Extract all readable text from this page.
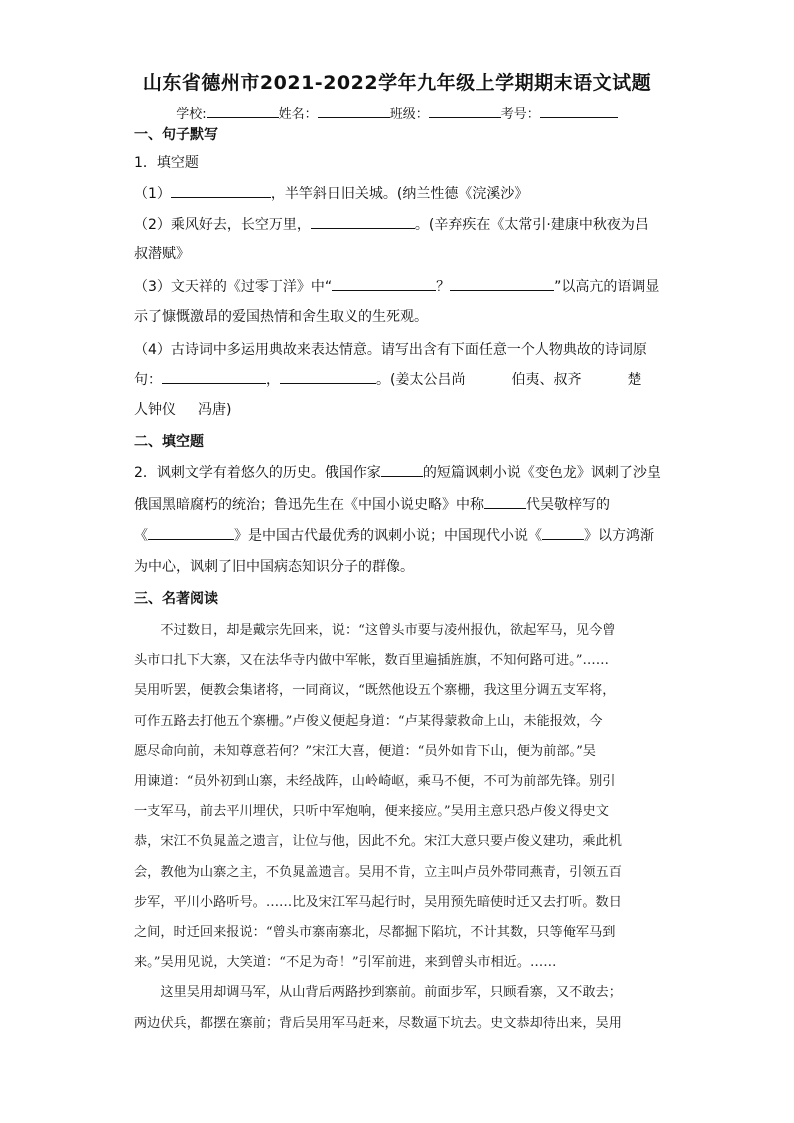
山东省德州市2021-2022学年九年级上学期期末语文试题
学校:	姓名：	班级：	考号：
一、句子默写
1．填空题
（1）	，半竿斜日旧关城。(纳兰性德《浣溪沙》
（2）乘风好去，长空万里，	。(辛弃疾在《太常引·建康中秋夜为吕
叔潜赋》
（3）文天祥的《过零丁洋》中“	？	”以高亢的语调显
示了慷慨激昂的爱国热情和舍生取义的生死观。
（4）古诗词中多运用典故来表达情意。请写出含有下面任意一个人物典故的诗词原
句：	，	。(姜太公吕尚	伯夷、叔齐	楚
人钟仪 冯唐)
二、填空题
2．讽刺文学有着悠久的历史。俄国作家	的短篇讽刺小说《变色龙》讽刺了沙皇
俄国黑暗腐朽的统治；鲁迅先生在《中国小说史略》中称	代吴敬梓写的
《	》是中国古代最优秀的讽刺小说；中国现代小说《	》以方鸿渐
为中心，讽刺了旧中国病态知识分子的群像。
三、名著阅读
　　不过数日，却是戴宗先回来，说：“这曾头市要与凌州报仇，欲起军马，见今曾
头市口扎下大寨，又在法华寺内做中军帐，数百里遍插旌旗，不知何路可进。”……
吴用听罢，便教会集诸将，一同商议，“既然他设五个寨栅，我这里分调五支军将，
可作五路去打他五个寨栅。”卢俊义便起身道：“卢某得蒙救命上山，未能报效，今
愿尽命向前，未知尊意若何？”宋江大喜，便道：“员外如肯下山，便为前部。”吴
用谏道：“员外初到山寨，未经战阵，山岭崎岖，乘马不便，不可为前部先锋。别引
一支军马，前去平川埋伏，只听中军炮响，便来接应。”吴用主意只恐卢俊义得史文
恭，宋江不负晁盖之遗言，让位与他，因此不允。宋江大意只要卢俊义建功，乘此机
会，教他为山寨之主，不负晁盖遗言。吴用不肯，立主叫卢员外带同燕青，引领五百
步军，平川小路听号。……比及宋江军马起行时，吴用预先暗使时迁又去打听。数日
之间，时迁回来报说：“曾头市寨南寨北，尽都掘下陷坑，不计其数，只等俺军马到
来。”吴用见说，大笑道：“不足为奇！”引军前进，来到曾头市相近。……
　　这里吴用却调马军，从山背后两路抄到寨前。前面步军，只顾看寨，又不敢去；
两边伏兵，都摆在寨前；背后吴用军马赶来，尽数逼下坑去。史文恭却待出来，吴用
